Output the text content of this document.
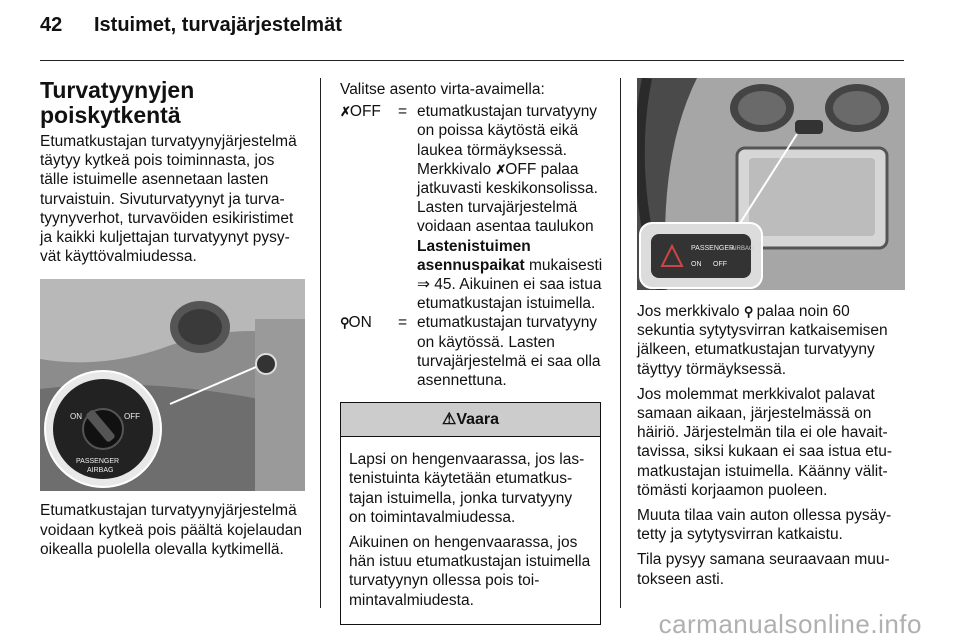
42 Istuimet, turvajärjestelmät
Turvatyynyjen poiskytkentä

Etumatkustajan turvatyynyjärjestelmä täytyy kytkeä pois toiminnasta, jos tälle istuimelle asennetaan lasten turvaistuin. Sivuturvatyynyt ja turvatyynyverhot, turvavöiden esikiristimet ja kaikki kuljettajan turvatyynyt pysyvät käyttövalmiudessa.

ON	OFF
PASSENGER
AIRBAG

Etumatkustajan turvatyynyjärjestelmä voidaan kytkeä pois päältä kojelaudan oikealla puolella olevalla kytkimellä.

Valitse asento virta-avaimella:

✗OFF	= etumatkustajan turvatyyny on poissa käytöstä eikä laukea törmäyksessä. Merkkivalo ✗OFF palaa jatkuvasti keskikonsolissa. Lasten turvajärjestelmä voidaan asentaa taulukon Lastenistuimen asennuspaikat mukaisesti ⇒ 45. Aikuinen ei saa istua etumatkustajan istuimella.
⚲ON	= etumatkustajan turvatyyny on käytössä. Lasten turvajärjestelmä ei saa olla asennettuna.
⚠Vaara

Lapsi on hengenvaarassa, jos lastenistuinta käytetään etumatkustajan istuimella, jonka turvatyyny on toimintavalmiudessa.

Aikuinen on hengenvaarassa, jos hän istuu etumatkustajan istuimella turvatyynyn ollessa pois toimintavalmiudesta.

PASSENGER
AIRBAG
ON OFF

Jos merkkivalo ⚲ palaa noin 60 sekuntia sytytysvirran katkaisemisen jälkeen, etumatkustajan turvatyyny täyttyy törmäyksessä.

Jos molemmat merkkivalot palavat samaan aikaan, järjestelmässä on häiriö. Järjestelmän tila ei ole havaittavissa, siksi kukaan ei saa istua etumatkustajan istuimella. Käänny välittömästi korjaamon puoleen.

Muuta tilaa vain auton ollessa pysäytetty ja sytytysvirran katkaistu.

Tila pysyy samana seuraavaan muutokseen asti.

carmanualsonline.info
